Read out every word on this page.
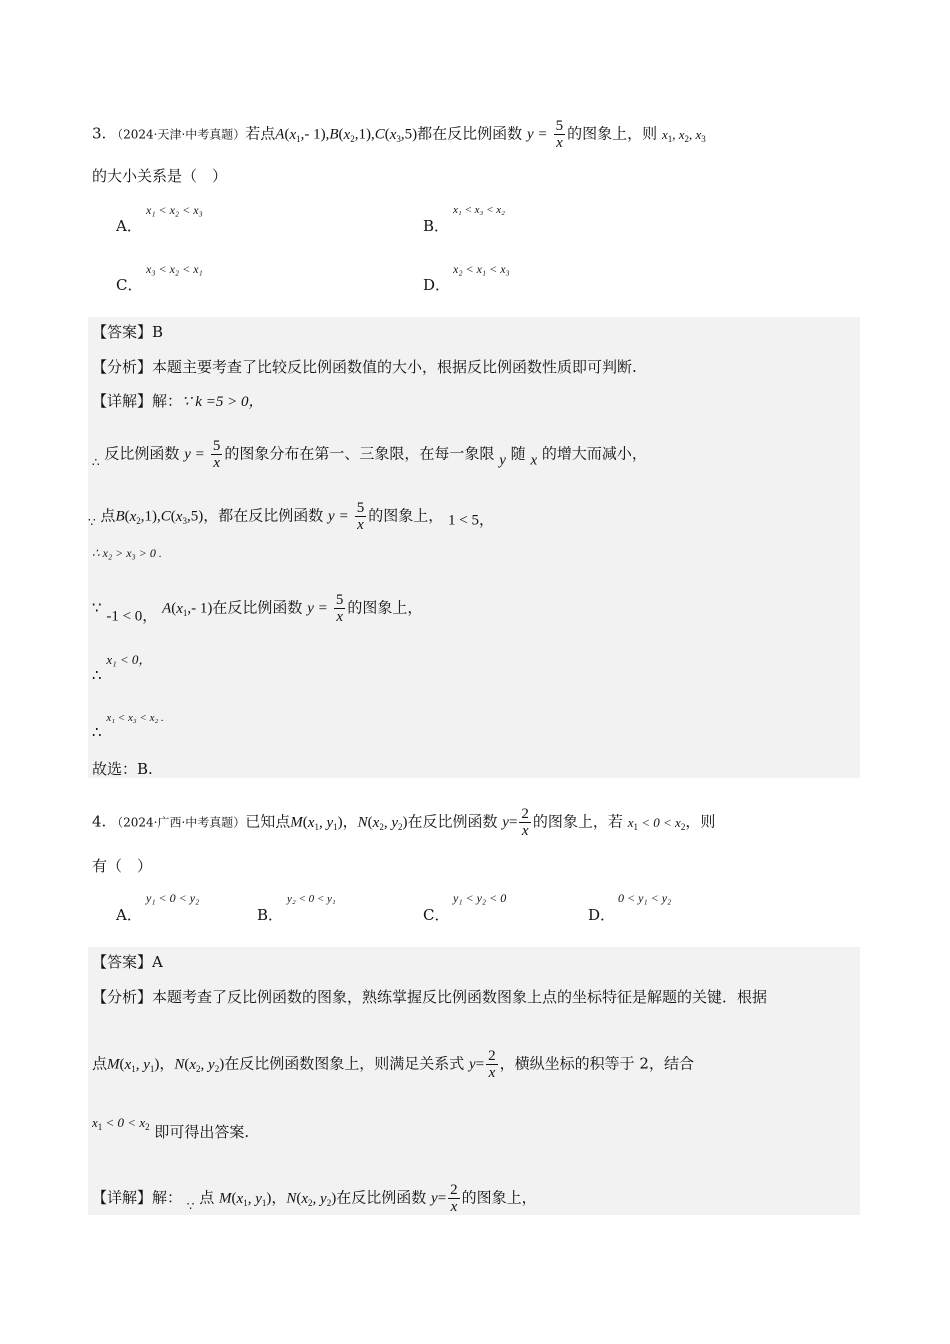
3. （2024·天津·中考真题）若点$A(x_1,-$ $1),B(x_2,1),C(x_3,5)$都在反比例函数 $y = \frac{5}{x}$ 的图象上，则 $x_1$, $x_2$, $x_3$
的大小关系是（　）
A．
x₁ < x₂ < x₃
B．
x₁ < x₃ < x₂
C．
x₃ < x₂ < x₁
D．
x₂ < x₁ < x₃
【答案】B
【分析】本题主要考查了比较反比例函数值的大小，根据反比例函数性质即可判断.
【详解】解：∵ k =5 > 0，
$_\therefore$ 反比例函数 $y = \frac{5}{x}$ 的图象分布在第一、三象限，在每一象限 y 随 x 的增大而减小，
$_\because$ 点$B(x_2,1),C(x_3,5)$，都在反比例函数 $y = \frac{5}{x}$ 的图象上， 1 < 5，
∴ x₂ > x₃ > 0 .
∵ -1 < 0， $A(x_1,-$ 1)在反比例函数 $y = \frac{5}{x}$ 的图象上，
∴ x₁ < 0，
∴ $^{x_1 < x_3 < x_2 .}$
故选：B.
4. （2024·广西·中考真题）已知点$M(x_1$, $y_1$)，$N(x_2$, $y_2$)在反比例函数 $y= \frac{2}{x}$ 的图象上，若 $x_1 < 0 < x_2$，则
有（　）
A．
y₁ < 0 < y₂
B．
y₂ < 0 < y₁
C．
y₁ < y₂ < 0
D．
0 < y₁ < y₂
【答案】A
【分析】本题考查了反比例函数的图象，熟练掌握反比例函数图象上点的坐标特征是解题的关键．根据
点$M(x_1$, $y_1$)，$N(x_2$, $y_2$)在反比例函数图象上，则满足关系式 $y= \frac{2}{x}$ ，横纵坐标的积等于 2，结合
$x_1 < 0 < x_2$ 即可得出答案.
【详解】解： $_\because$ 点 $M(x_1$, $y_1$)，$N(x_2$, $y_2$)在反比例函数 $y= \frac{2}{x}$ 的图象上，
